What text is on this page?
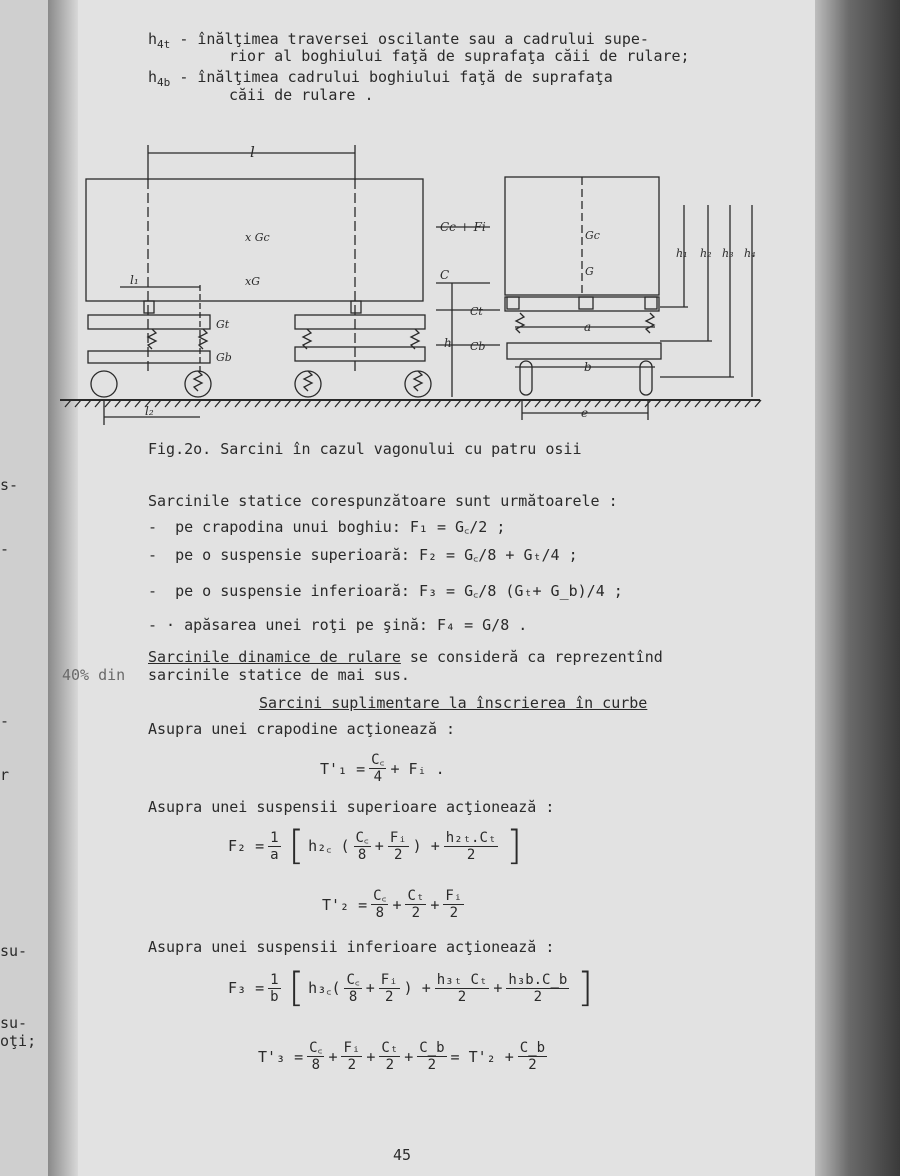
s-
-
-
r
su-
su-
oţi;
$h_{4t}$ - înălţimea traversei oscilante sau a cadrului supe-
rior al boghiului faţă de suprafaţa căii de rulare;
$h_{4b}$ - înălţimea cadrului boghiului faţă de suprafaţa
căii de rulare .
l
l₁
l₂
x Gc
xG
Gt
Gb
Cc + Fi
C
Ct
Cb
h
Gc
G
a
b
e
h₁ h₂ h₃ h₄
Fig.2o. Sarcini în cazul vagonului cu patru osii
Sarcinile statice corespunzătoare sunt următoarele :
- pe crapodina unui boghiu: F₁ = G꜀/2 ;
- pe o suspensie superioară: F₂ = G꜀/8 + Gₜ/4 ;
- pe o suspensie inferioară: F₃ = G꜀/8 (Gₜ+ G_b)/4 ;
- · apăsarea unei roţi pe şină: F₄ = G/8 .
Sarcinile dinamice de rulare se consideră ca reprezentînd
40% din sarcinile statice de mai sus.
Sarcini suplimentare la înscrierea în curbe
Asupra unei crapodine acţionează :
$T'_1 = \frac{C꜀}{4}$ + Fᵢ .
Asupra unei suspensii superioare acţionează :
$F_2 = \frac{1}{a}$ [ h₂꜀ ( $\frac{C꜀}{8} + \frac{\text{Fᵢ}}{2}$ ) + $\frac{\text{h₂ₜ.Cₜ}}{2}$ ]
$T'_2 = \frac{C꜀}{8} + \frac{\text{Cₜ}}{2} + \frac{\text{Fᵢ}}{2}$
Asupra unei suspensii inferioare acţionează :
$F_3 = \frac{1}{b}$ [ h₃꜀ ( $\frac{C꜀}{8} + \frac{\text{Fᵢ}}{2}$ ) + $\frac{\text{h₃ₜ Cₜ}}{2} + \frac{\text{h₃b.C\_b}}{2}$ ]
$T'_3 = \frac{C꜀}{8} + \frac{\text{Fᵢ}}{2} + \frac{\text{Cₜ}}{2} + \frac{C\_b}{2} = T'_2 + \frac{C\_b}{2}$
45
